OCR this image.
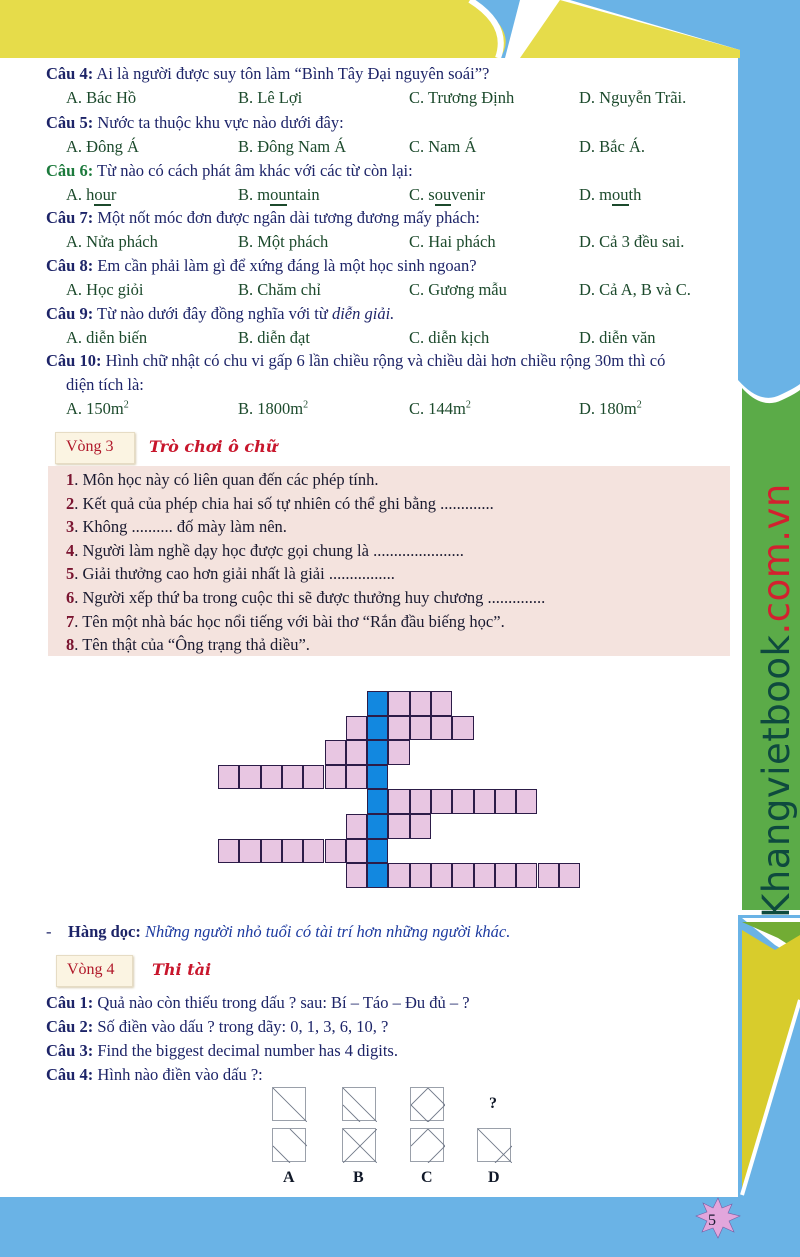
Câu 4: Ai là người được suy tôn làm “Bình Tây Đại nguyên soái”?
A. Bác Hồ	B. Lê Lợi	C. Trương Định	D. Nguyễn Trãi.
Câu 5: Nước ta thuộc khu vực nào dưới đây:
A. Đông Á	B. Đông Nam Á	C. Nam Á	D. Bắc Á.
Câu 6: Từ nào có cách phát âm khác với các từ còn lại:
A. hour	B. mountain	C. souvenir	D. mouth
Câu 7: Một nốt móc đơn được ngân dài tương đương mấy phách:
A. Nửa phách	B. Một phách	C. Hai phách	D. Cả 3 đều sai.
Câu 8: Em cần phải làm gì để xứng đáng là một học sinh ngoan?
A. Học giỏi	B. Chăm chỉ	C. Gương mẫu	D. Cả A, B và C.
Câu 9: Từ nào dưới đây đồng nghĩa với từ diễn giải.
A. diễn biến	B. diễn đạt	C. diễn kịch	D. diễn văn
Câu 10: Hình chữ nhật có chu vi gấp 6 lần chiều rộng và chiều dài hơn chiều rộng 30m thì có
diện tích là:
A. $150m^2$	B. $1800m^2$	C. $144m^2$	D. $180m^2$
Vòng 3 Trò chơi ô chữ
1. Môn học này có liên quan đến các phép tính.
2. Kết quả của phép chia hai số tự nhiên có thể ghi bằng .............
3. Không .......... đố mày làm nên.
4. Người làm nghề dạy học được gọi chung là ......................
5. Giải thưởng cao hơn giải nhất là giải ................
6. Người xếp thứ ba trong cuộc thi sẽ được thưởng huy chương ..............
7. Tên một nhà bác học nổi tiếng với bài thơ “Rắn đầu biếng học”.
8. Tên thật của “Ông trạng thả diều”.
- Hàng dọc: Những người nhỏ tuổi có tài trí hơn những người khác.
Vòng 4 Thi tài
Câu 1: Quả nào còn thiếu trong dấu ? sau: Bí – Táo – Đu đủ – ?
Câu 2: Số điền vào dấu ? trong dãy: 0, 1, 3, 6, 10, ?
Câu 3: Find the biggest decimal number has 4 digits.
Câu 4: Hình nào điền vào dấu ?:
?
A	B	C	D
Khangvietbook.com.vn
5
